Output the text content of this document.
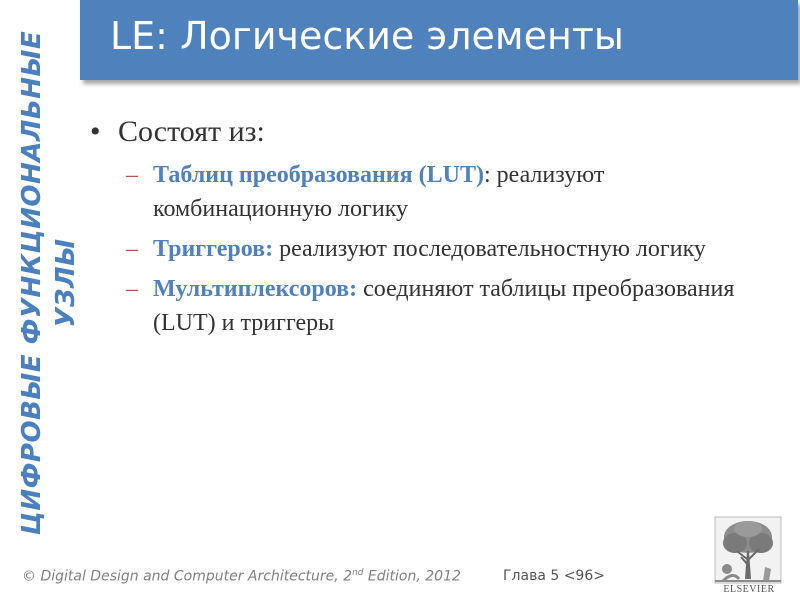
ЦИФРОВЫЕ ФУНКЦИОНАЛЬНЫЕ УЗЛЫ
LE: Логические элементы
• Состоят из:
– Таблиц преобразования (LUT): реализуют комбинационную логику
– Триггеров: реализуют последовательностную логику
– Мультиплексоров: соединяют таблицы преобразования (LUT) и триггеры
© Digital Design and Computer Architecture, 2nd Edition, 2012	Глава 5 <96>
ELSEVIER
